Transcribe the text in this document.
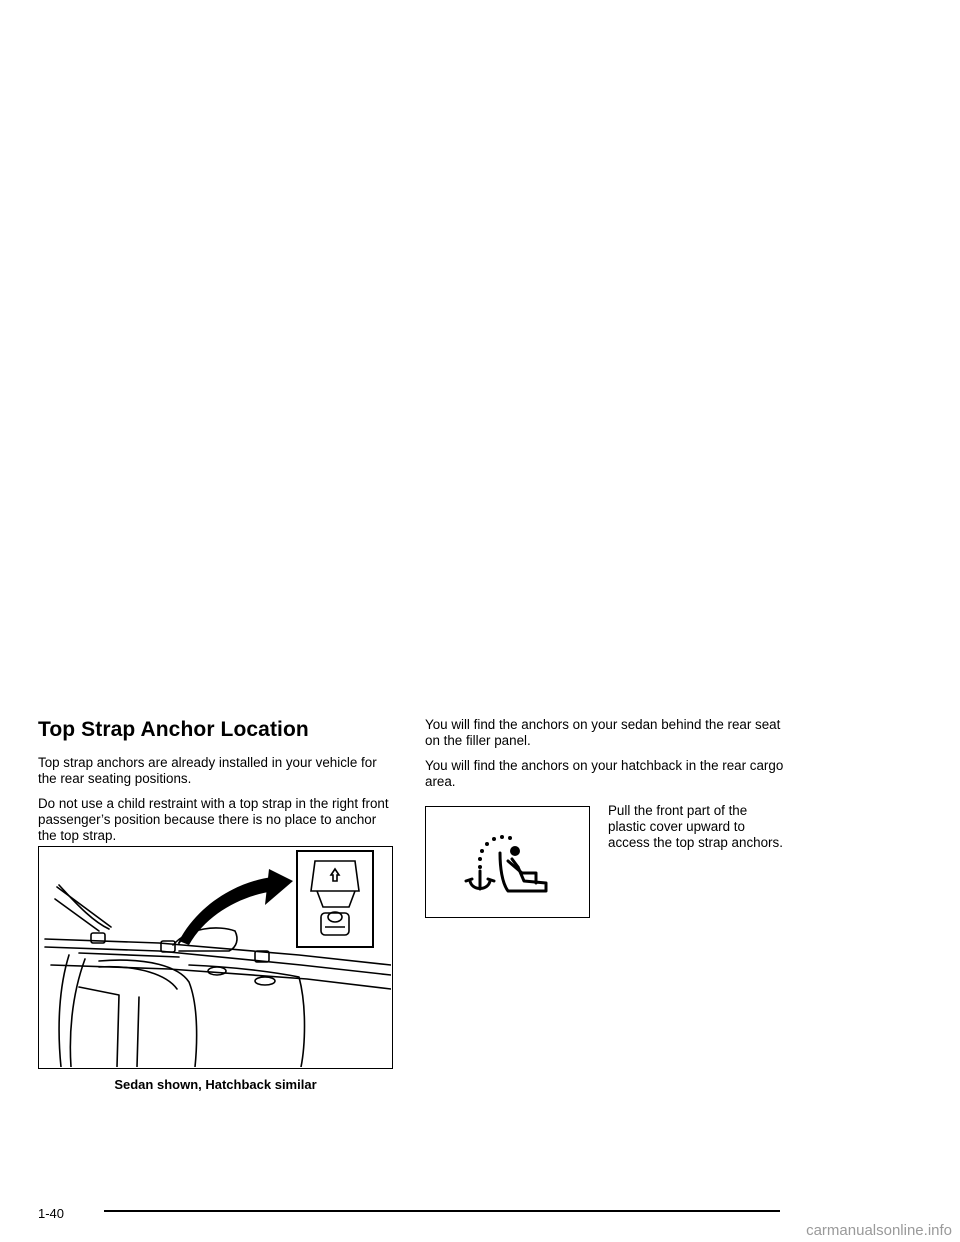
Top Strap Anchor Location

Top strap anchors are already installed in your vehicle for the rear seating positions.

Do not use a child restraint with a top strap in the right front passenger’s position because there is no place to anchor the top strap.

You will find the anchors on your sedan behind the rear seat on the filler panel.

You will find the anchors on your hatchback in the rear cargo area.

Sedan shown, Hatchback similar
Pull the front part of the plastic cover upward to access the top strap anchors.
1-40
carmanualsonline.info
